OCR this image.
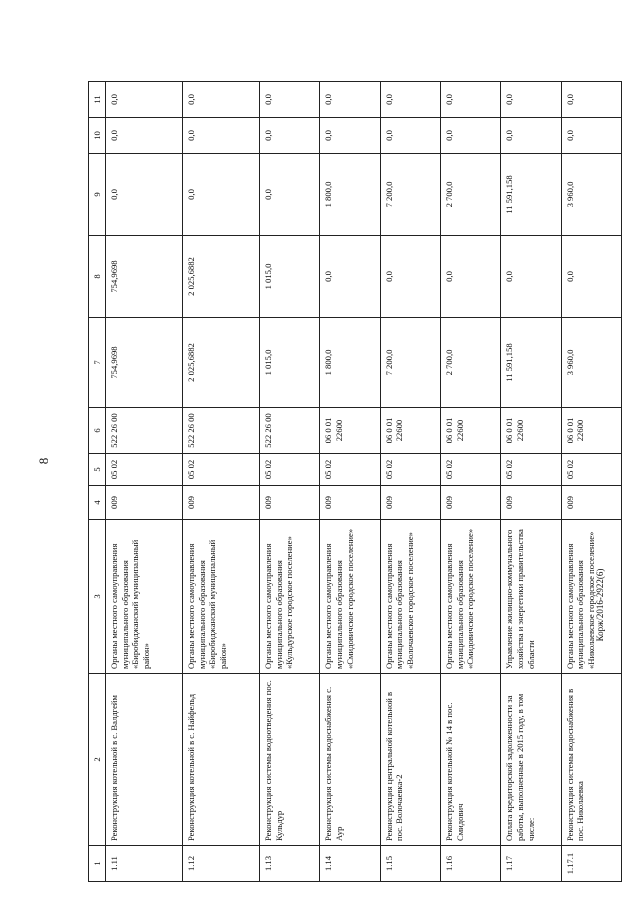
8
Корж/2016-2922(6)
1	2	3	4	5	6	7	8	9	10	11
1.11	Реконструкция котельной в с. Валдгейм	Органы местного самоуправления муниципального образования «Биробиджанский муниципальный район»	009	05 02	522 26 00	754,9698	754,9698	0,0	0,0	0,0
1.12	Реконструкция котельной в с. Найфельд	Органы местного самоуправления муниципального образования «Биробиджанский муниципальный район»	009	05 02	522 26 00	2 025,6882	2 025,6882	0,0	0,0	0,0
1.13	Реконструкция системы водоотведения пос. Кульдур	Органы местного самоуправления муниципального образования «Кульдурское городское поселение»	009	05 02	522 26 00	1 015,0	1 015,0	0,0	0,0	0,0
1.14	Реконструкция системы водоснабжения с. Аур	Органы местного самоуправления муниципального образования «Смидовичское городское поселение»	009	05 02	06 0 01 22600	1 800,0	0,0	1 800,0	0,0	0,0
1.15	Реконструкция центральной котельной в пос. Волочаевка-2	Органы местного самоуправления муниципального образования «Волочаевское городское поселение»	009	05 02	06 0 01 22600	7 200,0	0,0	7 200,0	0,0	0,0
1.16	Реконструкция котельной № 14 в пос. Смидович	Органы местного самоуправления муниципального образования «Смидовичское городское поселение»	009	05 02	06 0 01 22600	2 700,0	0,0	2 700,0	0,0	0,0
1.17	Оплата кредиторской задолженности за работы, выполненные в 2015 году, в том числе:	Управление жилищно-коммунального хозяйства и энергетики правительства области	009	05 02	06 0 01 22600	11 591,158	0,0	11 591,158	0,0	0,0
1.17.1	Реконструкция системы водоснабжения в пос. Николаевка	Органы местного самоуправления муниципального образования «Николаевское городское поселение»	009	05 02	06 0 01 22600	3 960,0	0,0	3 960,0	0,0	0,0
